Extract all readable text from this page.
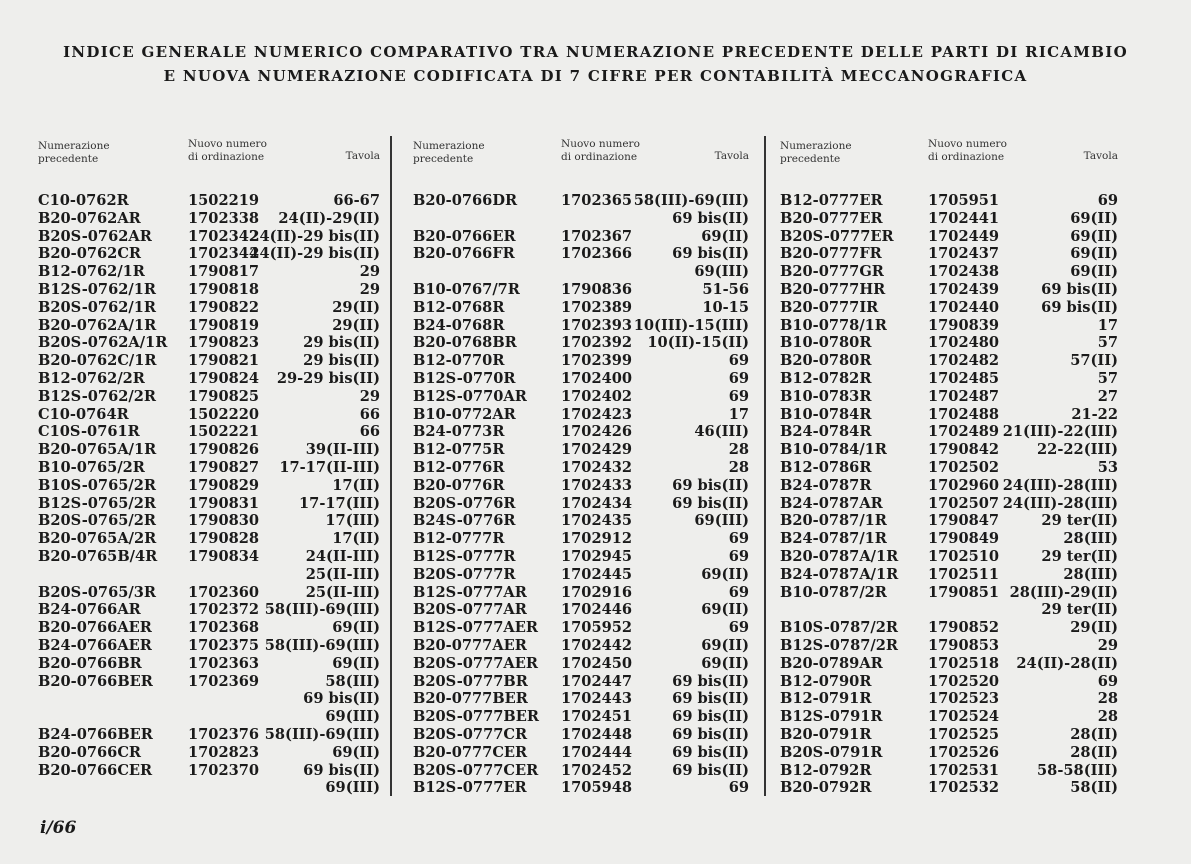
INDICE GENERALE NUMERICO COMPARATIVO TRA NUMERAZIONE PRECEDENTE DELLE PARTI DI RICAMBIO
E NUOVA NUMERAZIONE CODIFICATA DI 7 CIFRE PER CONTABILITÀ MECCANOGRAFICA
Numerazione
precedente
Nuovo numero
di ordinazione	Tavola
C10-0762R	1502219	66-67
B20-0762AR	1702338 24(II)-29(II)
B20S-0762AR 1702342
24(II)-29 bis(II)
B20-0762CR	1702344
24(II)-29 bis(II)
B12-0762/1R	1790817	29
B12S-0762/1R 1790818	29
B20S-0762/1R 1790822	29(II)
B20-0762A/1R 1790819	29(II)
B20S-0762A/1R 1790823	29 bis(II)
B20-0762C/1R 1790821	29 bis(II)
B12-0762/2R	1790824 29-29 bis(II)
B12S-0762/2R 1790825	29
C10-0764R	1502220	66
C10S-0761R	1502221	66
B20-0765A/1R 1790826	39(II-III)
B10-0765/2R	1790827 17-17(II-III)
B10S-0765/2R 1790829	17(II)
B12S-0765/2R 1790831	17-17(III)
B20S-0765/2R 1790830	17(III)
B20-0765A/2R 1790828	17(II)
B20-0765B/4R 1790834	24(II-III)
25(II-III)
B20S-0765/3R 1702360	25(II-III)
B24-0766AR	1702372 58(III)-69(III)
B20-0766AER 1702368	69(II)
B24-0766AER 1702375 58(III)-69(III)
B20-0766BR	1702363	69(II)
B20-0766BER 1702369	58(III)
69 bis(II)
69(III)
B24-0766BER 1702376 58(III)-69(III)
B20-0766CR	1702823	69(II)
B20-0766CER 1702370	69 bis(II)
69(III)
Numerazione
precedente
Nuovo numero
di ordinazione	Tavola
B20-0766DR	1702365 58(III)-69(III)
69 bis(II)
B20-0766ER	1702367	69(II)
B20-0766FR	1702366	69 bis(II)
69(III)
B10-0767/7R	1790836	51-56
B12-0768R	1702389	10-15
B24-0768R	1702393 10(III)-15(III)
B20-0768BR	1702392 10(II)-15(II)
B12-0770R	1702399	69
B12S-0770R	1702400	69
B12S-0770AR 1702402	69
B10-0772AR	1702423	17
B24-0773R	1702426	46(III)
B12-0775R	1702429	28
B12-0776R	1702432	28
B20-0776R	1702433	69 bis(II)
B20S-0776R	1702434	69 bis(II)
B24S-0776R	1702435	69(III)
B12-0777R	1702912	69
B12S-0777R	1702945	69
B20S-0777R	1702445	69(II)
B12S-0777AR 1702916	69
B20S-0777AR 1702446	69(II)
B12S-0777AER 1705952	69
B20-0777AER 1702442	69(II)
B20S-0777AER 1702450	69(II)
B20S-0777BR 1702447	69 bis(II)
B20-0777BER 1702443	69 bis(II)
B20S-0777BER 1702451	69 bis(II)
B20S-0777CR 1702448	69 bis(II)
B20-0777CER 1702444	69 bis(II)
B20S-0777CER 1702452	69 bis(II)
B12S-0777ER 1705948	69
Numerazione
precedente
Nuovo numero
di ordinazione	Tavola
B12-0777ER	1705951	69
B20-0777ER	1702441	69(II)
B20S-0777ER 1702449	69(II)
B20-0777FR	1702437	69(II)
B20-0777GR	1702438	69(II)
B20-0777HR	1702439	69 bis(II)
B20-0777IR	1702440	69 bis(II)
B10-0778/1R	1790839	17
B10-0780R	1702480	57
B20-0780R	1702482	57(II)
B12-0782R	1702485	57
B10-0783R	1702487	27
B10-0784R	1702488	21-22
B24-0784R	1702489 21(III)-22(III)
B10-0784/1R	1790842	22-22(III)
B12-0786R	1702502	53
B24-0787R	1702960 24(III)-28(III)
B24-0787AR	1702507 24(III)-28(III)
B20-0787/1R	1790847	29 ter(II)
B24-0787/1R	1790849	28(III)
B20-0787A/1R 1702510	29 ter(II)
B24-0787A/1R 1702511	28(III)
B10-0787/2R	1790851 28(III)-29(II)
29 ter(II)
B10S-0787/2R 1790852	29(II)
B12S-0787/2R 1790853	29
B20-0789AR	1702518 24(II)-28(II)
B12-0790R	1702520	69
B12-0791R	1702523	28
B12S-0791R	1702524	28
B20-0791R	1702525	28(II)
B20S-0791R	1702526	28(II)
B12-0792R	1702531	58-58(III)
B20-0792R	1702532	58(II)
i/66
